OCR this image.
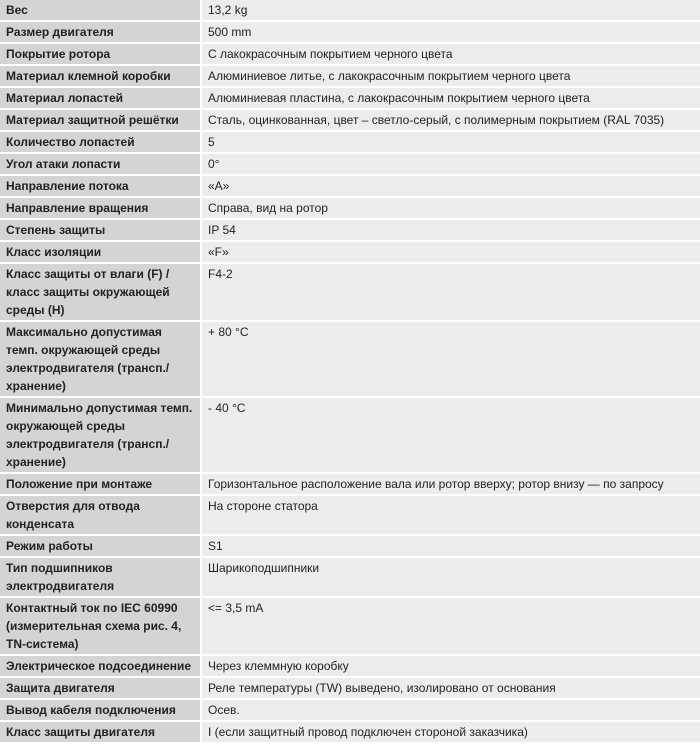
Вес	13,2 kg
Размер двигателя	500 mm
Покрытие ротора	С лакокрасочным покрытием черного цвета
Материал клемной коробки	Алюминиевое литье, с лакокрасочным покрытием черного цвета
Материал лопастей	Алюминиевая пластина, с лакокрасочным покрытием черного цвета
Материал защитной решётки	Сталь, оцинкованная, цвет – светло-серый, с полимерным покрытием (RAL 7035)
Количество лопастей	5
Угол атаки лопасти	0°
Направление потока	«A»
Направление вращения	Справа, вид на ротор
Степень защиты	IP 54
Класс изоляции	«F»
Класс защиты от влаги (F) / класс защиты окружающей среды (H)	F4-2
Максимально допустимая темп. окружающей среды электродвигателя (трансп./хранение)	+ 80 °C
Минимально допустимая темп. окружающей среды электродвигателя (трансп./хранение)	- 40 °C
Положение при монтаже	Горизонтальное расположение вала или ротор вверху; ротор внизу — по запросу
Отверстия для отвода конденсата	На стороне статора
Режим работы	S1
Тип подшипников электродвигателя	Шарикоподшипники
Контактный ток по IEC 60990 (измерительная схема рис. 4, TN-система)	<= 3,5 mA
Электрическое подсоединение	Через клеммную коробку
Защита двигателя	Реле температуры (TW) выведено, изолировано от основания
Вывод кабеля подключения	Осев.
Класс защиты двигателя	I (если защитный провод подключен стороной заказчика)
